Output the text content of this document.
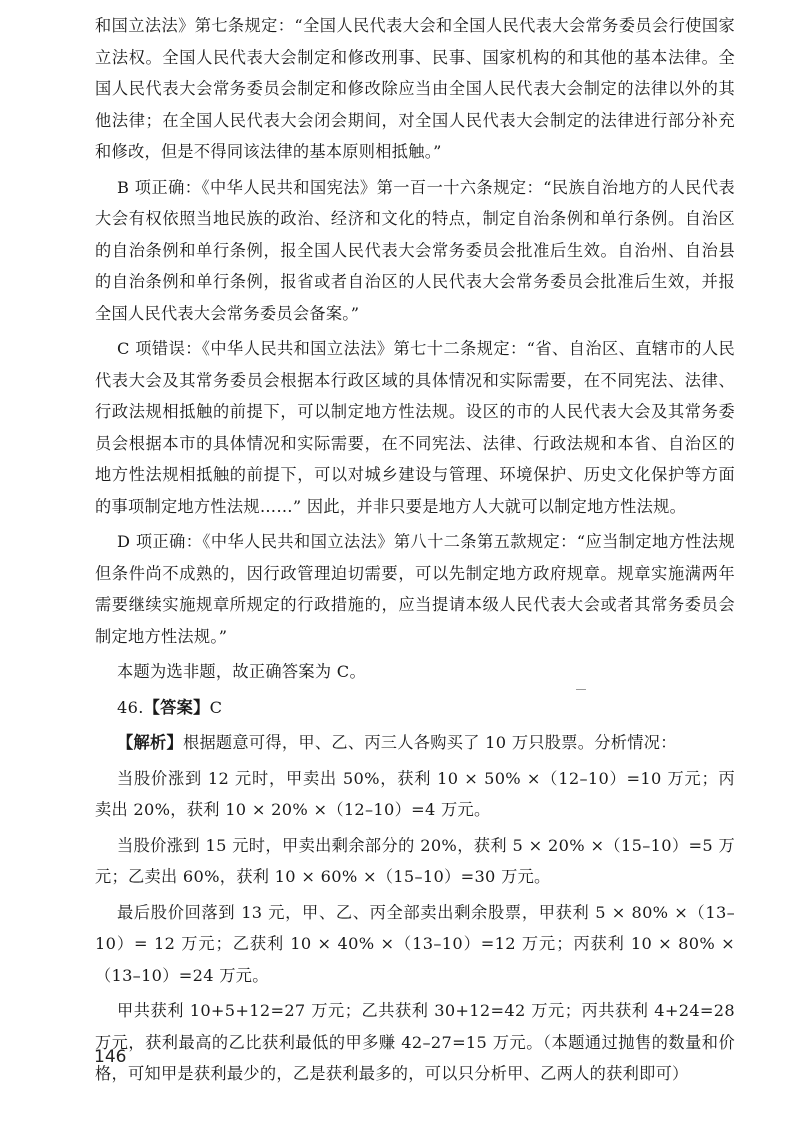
和国立法法》第七条规定：“全国人民代表大会和全国人民代表大会常务委员会行使国家立法权。全国人民代表大会制定和修改刑事、民事、国家机构的和其他的基本法律。全国人民代表大会常务委员会制定和修改除应当由全国人民代表大会制定的法律以外的其他法律；在全国人民代表大会闭会期间，对全国人民代表大会制定的法律进行部分补充和修改，但是不得同该法律的基本原则相抵触。”

B 项正确：《中华人民共和国宪法》第一百一十六条规定：“民族自治地方的人民代表大会有权依照当地民族的政治、经济和文化的特点，制定自治条例和单行条例。自治区的自治条例和单行条例，报全国人民代表大会常务委员会批准后生效。自治州、自治县的自治条例和单行条例，报省或者自治区的人民代表大会常务委员会批准后生效，并报全国人民代表大会常务委员会备案。”

C 项错误：《中华人民共和国立法法》第七十二条规定：“省、自治区、直辖市的人民代表大会及其常务委员会根据本行政区域的具体情况和实际需要，在不同宪法、法律、行政法规相抵触的前提下，可以制定地方性法规。设区的市的人民代表大会及其常务委员会根据本市的具体情况和实际需要，在不同宪法、法律、行政法规和本省、自治区的地方性法规相抵触的前提下，可以对城乡建设与管理、环境保护、历史文化保护等方面的事项制定地方性法规……” 因此，并非只要是地方人大就可以制定地方性法规。

D 项正确：《中华人民共和国立法法》第八十二条第五款规定：“应当制定地方性法规但条件尚不成熟的，因行政管理迫切需要，可以先制定地方政府规章。规章实施满两年需要继续实施规章所规定的行政措施的，应当提请本级人民代表大会或者其常务委员会制定地方性法规。”

本题为选非题，故正确答案为 C。

46.【答案】C

【解析】根据题意可得，甲、乙、丙三人各购买了 10 万只股票。分析情况：

当股价涨到 12 元时，甲卖出 50%，获利 10 × 50% ×（12–10）=10 万元；丙卖出 20%，获利 10 × 20% ×（12–10）=4 万元。

当股价涨到 15 元时，甲卖出剩余部分的 20%，获利 5 × 20% ×（15–10）=5 万元；乙卖出 60%，获利 10 × 60% ×（15–10）=30 万元。

最后股价回落到 13 元，甲、乙、丙全部卖出剩余股票，甲获利 5 × 80% ×（13–10）= 12 万元；乙获利 10 × 40% ×（13–10）=12 万元；丙获利 10 × 80% ×（13–10）=24 万元。

甲共获利 10+5+12=27 万元；乙共获利 30+12=42 万元；丙共获利 4+24=28 万元，获利最高的乙比获利最低的甲多赚 42–27=15 万元。（本题通过抛售的数量和价格，可知甲是获利最少的，乙是获利最多的，可以只分析甲、乙两人的获利即可）

146
